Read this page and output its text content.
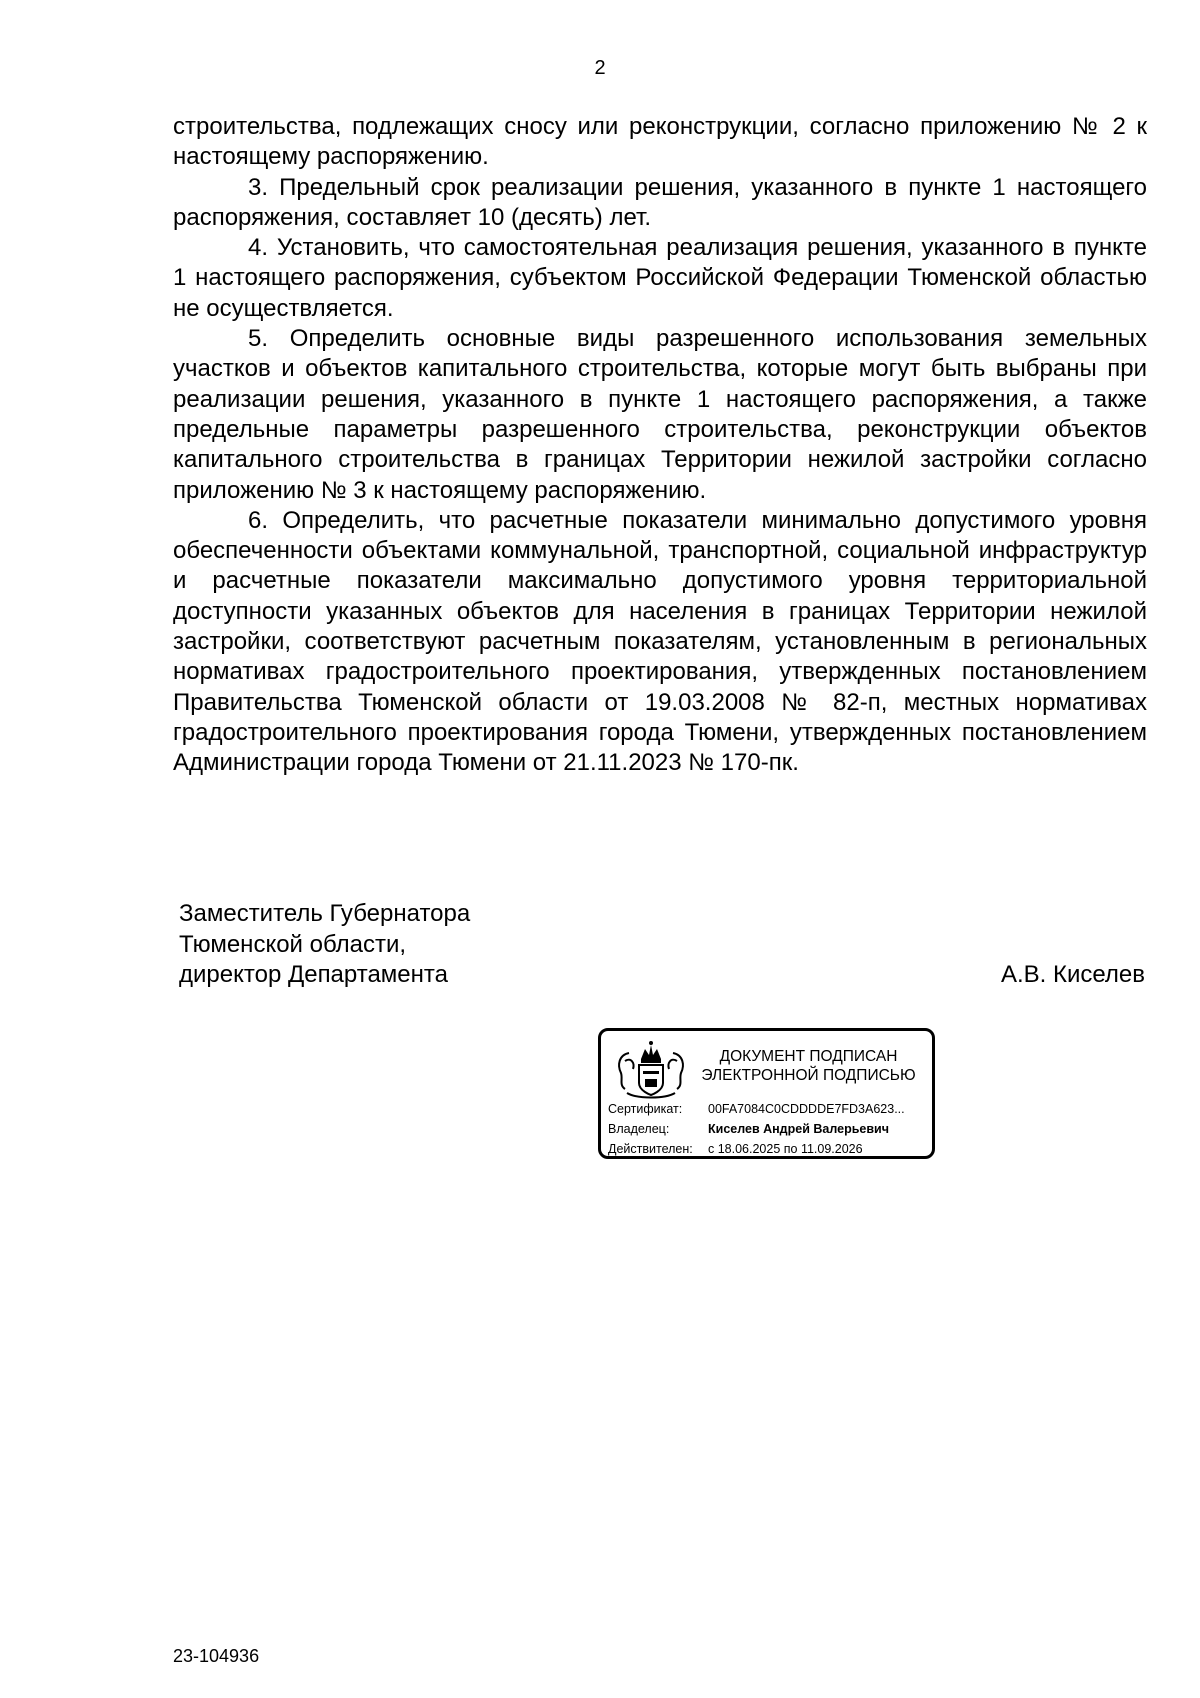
2

строительства, подлежащих сносу или реконструкции, согласно приложению № 2 к настоящему распоряжению.

3. Предельный срок реализации решения, указанного в пункте 1 настоящего распоряжения, составляет 10 (десять) лет.

4. Установить, что самостоятельная реализация решения, указанного в пункте 1 настоящего распоряжения, субъектом Российской Федерации Тюменской областью не осуществляется.

5. Определить основные виды разрешенного использования земельных участков и объектов капитального строительства, которые могут быть выбраны при реализации решения, указанного в пункте 1 настоящего распоряжения, а также предельные параметры разрешенного строительства, реконструкции объектов капитального строительства в границах Территории нежилой застройки согласно приложению № 3 к настоящему распоряжению.

6. Определить, что расчетные показатели минимально допустимого уровня обеспеченности объектами коммунальной, транспортной, социальной инфраструктур и расчетные показатели максимально допустимого уровня территориальной доступности указанных объектов для населения в границах Территории нежилой застройки, соответствуют расчетным показателям, установленным в региональных нормативах градостроительного проектирования, утвержденных постановлением Правительства Тюменской области от 19.03.2008 № 82-п, местных нормативах градостроительного проектирования города Тюмени, утвержденных постановлением Администрации города Тюмени от 21.11.2023 № 170-пк.

Заместитель Губернатора
Тюменской области,
директор Департамента	А.В. Киселев
ДОКУМЕНТ ПОДПИСАН
ЭЛЕКТРОННОЙ ПОДПИСЬЮ
Сертификат: 00FA7084C0CDDDDE7FD3A623...
Владелец:	Киселев Андрей Валерьевич
Действителен: с 18.06.2025 по 11.09.2026
23-104936
